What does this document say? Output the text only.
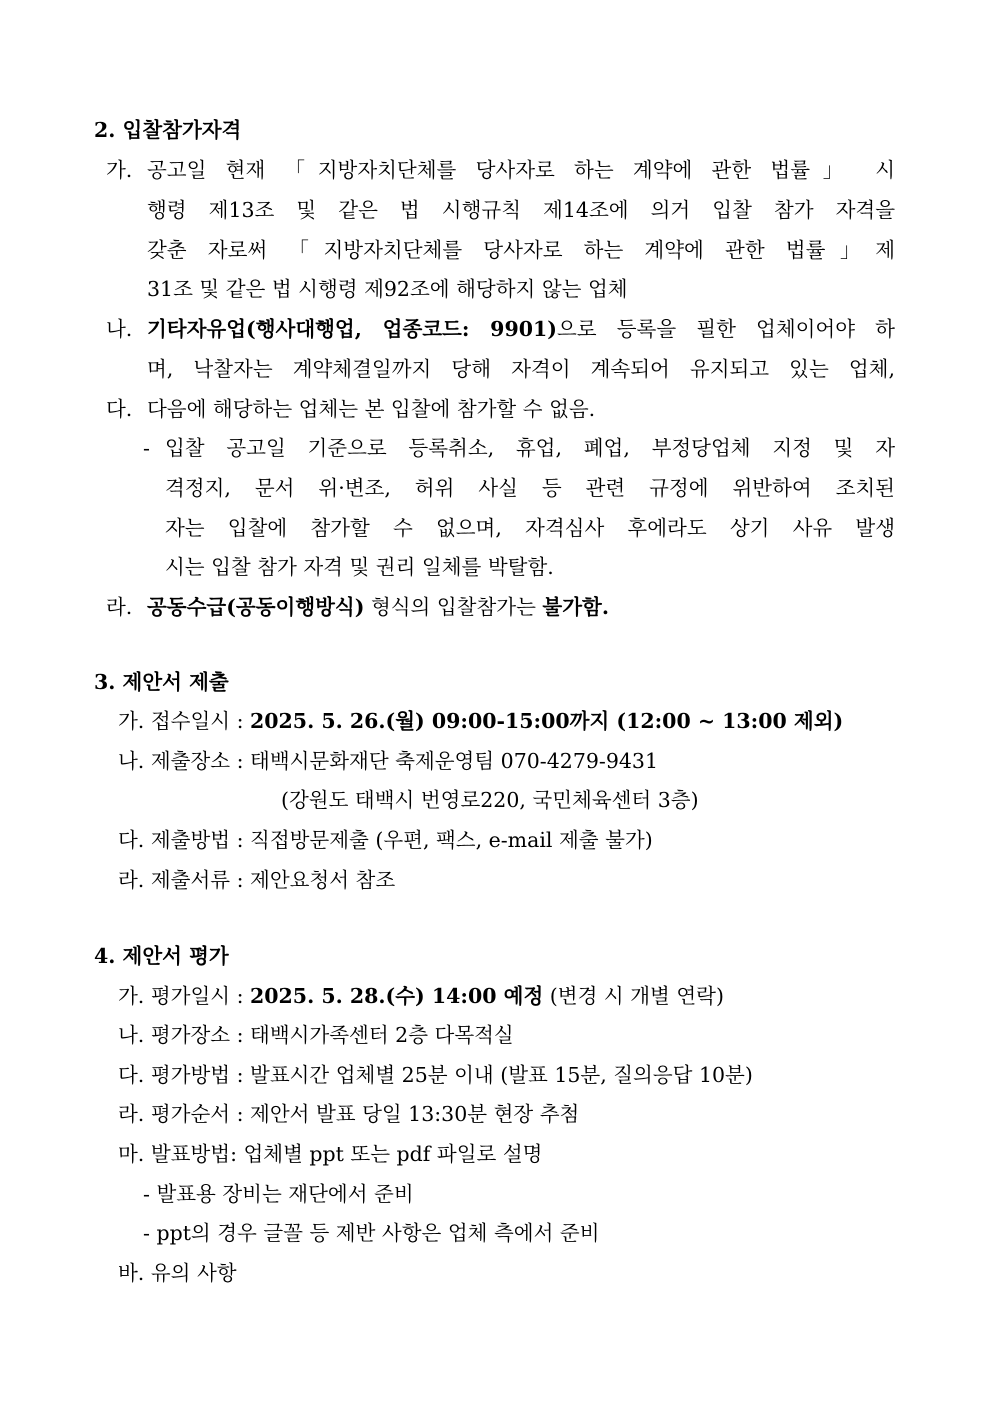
2. 입찰참가자격
가. 공고일 현재 「지방자치단체를 당사자로 하는 계약에 관한 법률」 시
행령 제13조 및 같은 법 시행규칙 제14조에 의거 입찰 참가 자격을
갖춘 자로써 「지방자치단체를 당사자로 하는 계약에 관한 법률」제
31조 및 같은 법 시행령 제92조에 해당하지 않는 업체
나. 기타자유업(행사대행업, 업종코드: 9901)으로 등록을 필한 업체이어야 하
며, 낙찰자는 계약체결일까지 당해 자격이 계속되어 유지되고 있는 업체,
다. 다음에 해당하는 업체는 본 입찰에 참가할 수 없음.
- 입찰 공고일 기준으로 등록취소, 휴업, 폐업, 부정당업체 지정 및 자
격정지, 문서 위·변조, 허위 사실 등 관련 규정에 위반하여 조치된
자는 입찰에 참가할 수 없으며, 자격심사 후에라도 상기 사유 발생
시는 입찰 참가 자격 및 권리 일체를 박탈함.
라. 공동수급(공동이행방식) 형식의 입찰참가는 불가함.
3. 제안서 제출
가. 접수일시 : 2025. 5. 26.(월) 09:00-15:00까지 (12:00 ~ 13:00 제외)
나. 제출장소 : 태백시문화재단 축제운영팀 070-4279-9431
(강원도 태백시 번영로220, 국민체육센터 3층)
다. 제출방법 : 직접방문제출 (우편, 팩스, e-mail 제출 불가)
라. 제출서류 : 제안요청서 참조
4. 제안서 평가
가. 평가일시 : 2025. 5. 28.(수) 14:00 예정 (변경 시 개별 연락)
나. 평가장소 : 태백시가족센터 2층 다목적실
다. 평가방법 : 발표시간 업체별 25분 이내 (발표 15분, 질의응답 10분)
라. 평가순서 : 제안서 발표 당일 13:30분 현장 추첨
마. 발표방법: 업체별 ppt 또는 pdf 파일로 설명
- 발표용 장비는 재단에서 준비
- ppt의 경우 글꼴 등 제반 사항은 업체 측에서 준비
바. 유의 사항
